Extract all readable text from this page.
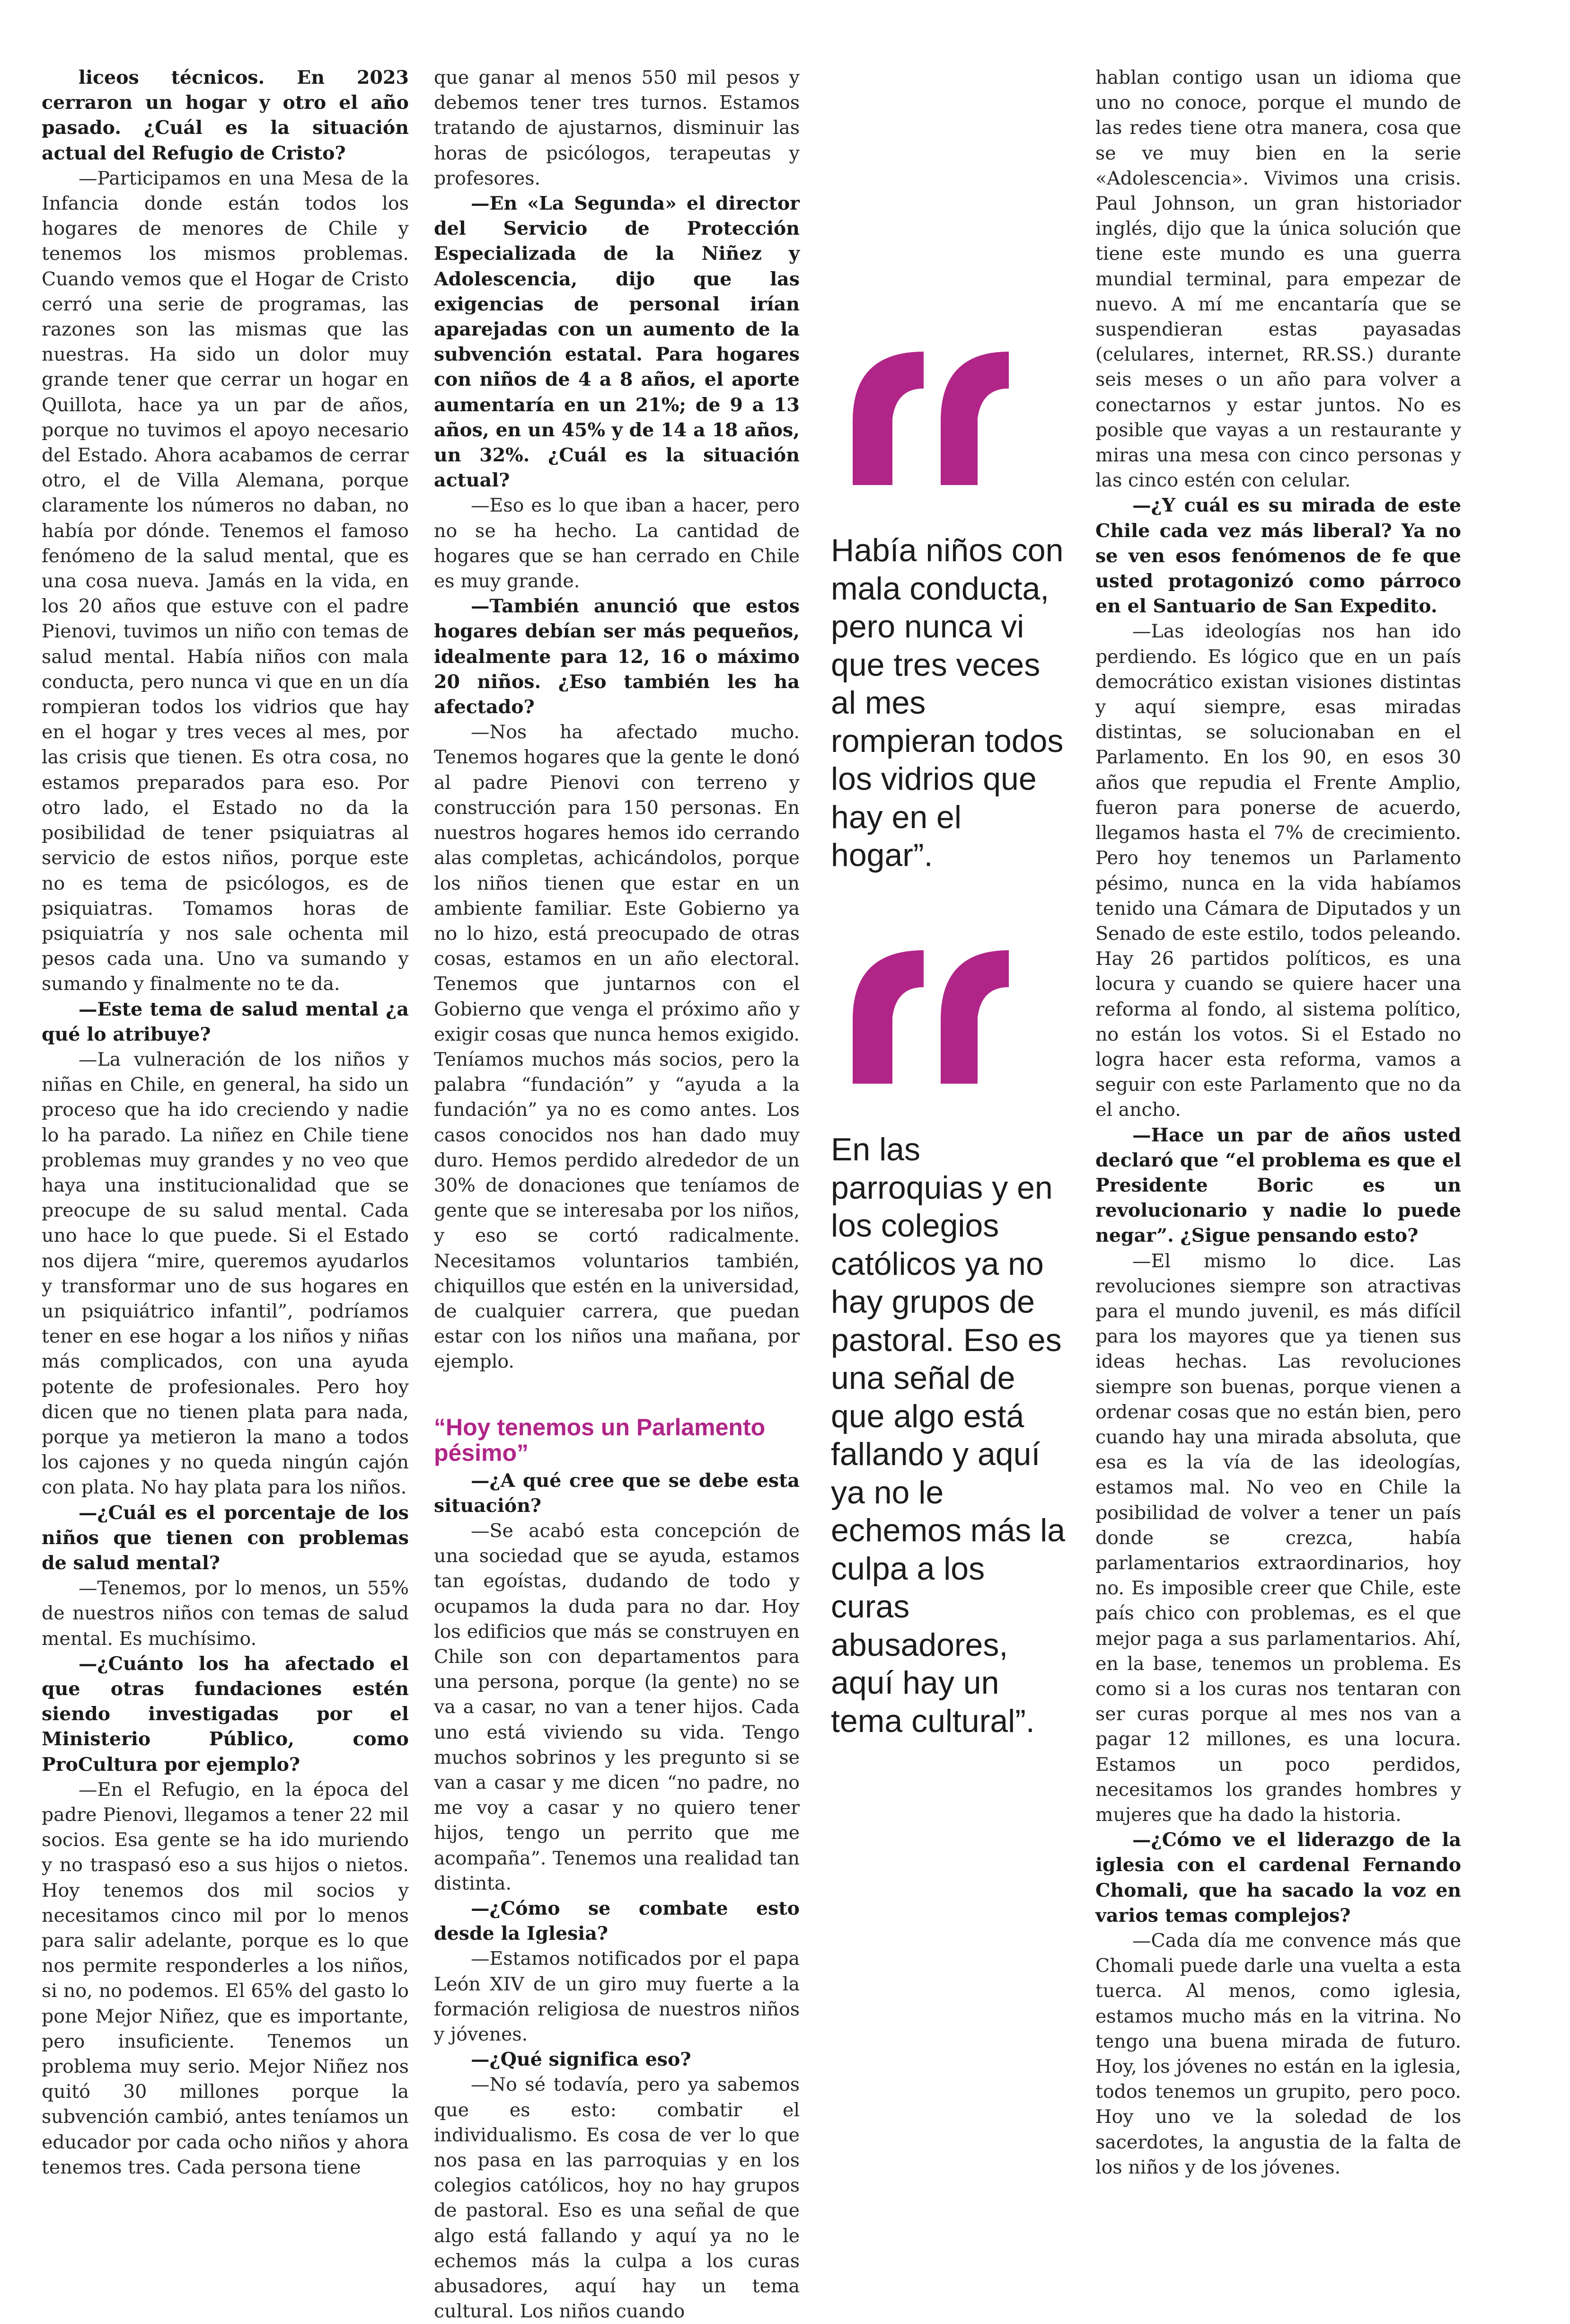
liceos técnicos. En 2023 cerraron un hogar y otro el año pasado. ¿Cuál es la situación actual del Refugio de Cristo?

—Participamos en una Mesa de la Infancia donde están todos los hogares de menores de Chile y tenemos los mismos problemas. Cuando vemos que el Hogar de Cristo cerró una serie de programas, las razones son las mismas que las nuestras. Ha sido un dolor muy grande tener que cerrar un hogar en Quillota, hace ya un par de años, porque no tuvimos el apoyo necesario del Estado. Ahora acabamos de cerrar otro, el de Villa Alemana, porque claramente los números no daban, no había por dónde. Tenemos el famoso fenómeno de la salud mental, que es una cosa nueva. Jamás en la vida, en los 20 años que estuve con el padre Pienovi, tuvimos un niño con temas de salud mental. Había niños con mala conducta, pero nunca vi que en un día rompieran todos los vidrios que hay en el hogar y tres veces al mes, por las crisis que tienen. Es otra cosa, no estamos preparados para eso. Por otro lado, el Estado no da la posibilidad de tener psiquiatras al servicio de estos niños, porque este no es tema de psicólogos, es de psiquiatras. Tomamos horas de psiquiatría y nos sale ochenta mil pesos cada una. Uno va sumando y sumando y finalmente no te da.

—Este tema de salud mental ¿a qué lo atribuye?

—La vulneración de los niños y niñas en Chile, en general, ha sido un proceso que ha ido creciendo y nadie lo ha parado. La niñez en Chile tiene problemas muy grandes y no veo que haya una institucionalidad que se preocupe de su salud mental. Cada uno hace lo que puede. Si el Estado nos dijera “mire, queremos ayudarlos y transformar uno de sus hogares en un psiquiátrico infantil”, podríamos tener en ese hogar a los niños y niñas más complicados, con una ayuda potente de profesionales. Pero hoy dicen que no tienen plata para nada, porque ya metieron la mano a todos los cajones y no queda ningún cajón con plata. No hay plata para los niños.

—¿Cuál es el porcentaje de los niños que tienen con problemas de salud mental?

—Tenemos, por lo menos, un 55% de nuestros niños con temas de salud mental. Es muchísimo.

—¿Cuánto los ha afectado el que otras fundaciones estén siendo investigadas por el Ministerio Público, como ProCultura por ejemplo?

—En el Refugio, en la época del padre Pienovi, llegamos a tener 22 mil socios. Esa gente se ha ido muriendo y no traspasó eso a sus hijos o nietos. Hoy tenemos dos mil socios y necesitamos cinco mil por lo menos para salir adelante, porque es lo que nos permite responderles a los niños, si no, no podemos. El 65% del gasto lo pone Mejor Niñez, que es importante, pero insuficiente. Tenemos un problema muy serio. Mejor Niñez nos quitó 30 millones porque la subvención cambió, antes teníamos un educador por cada ocho niños y ahora tenemos tres. Cada persona tiene

que ganar al menos 550 mil pesos y debemos tener tres turnos. Estamos tratando de ajustarnos, disminuir las horas de psicólogos, terapeutas y profesores.

—En «La Segunda» el director del Servicio de Protección Especializada de la Niñez y Adolescencia, dijo que las exigencias de personal irían aparejadas con un aumento de la subvención estatal. Para hogares con niños de 4 a 8 años, el aporte aumentaría en un 21%; de 9 a 13 años, en un 45% y de 14 a 18 años, un 32%. ¿Cuál es la situación actual?

—Eso es lo que iban a hacer, pero no se ha hecho. La cantidad de hogares que se han cerrado en Chile es muy grande.

—También anunció que estos hogares debían ser más pequeños, idealmente para 12, 16 o máximo 20 niños. ¿Eso también les ha afectado?

—Nos ha afectado mucho. Tenemos hogares que la gente le donó al padre Pienovi con terreno y construcción para 150 personas. En nuestros hogares hemos ido cerrando alas completas, achicándolos, porque los niños tienen que estar en un ambiente familiar. Este Gobierno ya no lo hizo, está preocupado de otras cosas, estamos en un año electoral. Tenemos que juntarnos con el Gobierno que venga el próximo año y exigir cosas que nunca hemos exigido. Teníamos muchos más socios, pero la palabra “fundación” y “ayuda a la fundación” ya no es como antes. Los casos conocidos nos han dado muy duro. Hemos perdido alrededor de un 30% de donaciones que teníamos de gente que se interesaba por los niños, y eso se cortó radicalmente. Necesitamos voluntarios también, chiquillos que estén en la universidad, de cualquier carrera, que puedan estar con los niños una mañana, por ejemplo.

“Hoy tenemos un Parlamento pésimo”

—¿A qué cree que se debe esta situación?

—Se acabó esta concepción de una sociedad que se ayuda, estamos tan egoístas, dudando de todo y ocupamos la duda para no dar. Hoy los edificios que más se construyen en Chile son con departamentos para una persona, porque (la gente) no se va a casar, no van a tener hijos. Cada uno está viviendo su vida. Tengo muchos sobrinos y les pregunto si se van a casar y me dicen “no padre, no me voy a casar y no quiero tener hijos, tengo un perrito que me acompaña”. Tenemos una realidad tan distinta.

—¿Cómo se combate esto desde la Iglesia?

—Estamos notificados por el papa León XIV de un giro muy fuerte a la formación religiosa de nuestros niños y jóvenes.

—¿Qué significa eso?

—No sé todavía, pero ya sabemos que es esto: combatir el individualismo. Es cosa de ver lo que nos pasa en las parroquias y en los colegios católicos, hoy no hay grupos de pastoral. Eso es una señal de que algo está fallando y aquí ya no le echemos más la culpa a los curas abusadores, aquí hay un tema cultural. Los niños cuando

Había niños con mala conducta, pero nunca vi que tres veces al mes rompieran todos los vidrios que hay en el hogar”.

En las parroquias y en los colegios católicos ya no hay grupos de pastoral. Eso es una señal de que algo está fallando y aquí ya no le echemos más la culpa a los curas abusadores, aquí hay un tema cultural”.

hablan contigo usan un idioma que uno no conoce, porque el mundo de las redes tiene otra manera, cosa que se ve muy bien en la serie «Adolescencia». Vivimos una crisis. Paul Johnson, un gran historiador inglés, dijo que la única solución que tiene este mundo es una guerra mundial terminal, para empezar de nuevo. A mí me encantaría que se suspendieran estas payasadas (celulares, internet, RR.SS.) durante seis meses o un año para volver a conectarnos y estar juntos. No es posible que vayas a un restaurante y miras una mesa con cinco personas y las cinco estén con celular.

—¿Y cuál es su mirada de este Chile cada vez más liberal? Ya no se ven esos fenómenos de fe que usted protagonizó como párroco en el Santuario de San Expedito.

—Las ideologías nos han ido perdiendo. Es lógico que en un país democrático existan visiones distintas y aquí siempre, esas miradas distintas, se solucionaban en el Parlamento. En los 90, en esos 30 años que repudia el Frente Amplio, fueron para ponerse de acuerdo, llegamos hasta el 7% de crecimiento. Pero hoy tenemos un Parlamento pésimo, nunca en la vida habíamos tenido una Cámara de Diputados y un Senado de este estilo, todos peleando. Hay 26 partidos políticos, es una locura y cuando se quiere hacer una reforma al fondo, al sistema político, no están los votos. Si el Estado no logra hacer esta reforma, vamos a seguir con este Parlamento que no da el ancho.

—Hace un par de años usted declaró que “el problema es que el Presidente Boric es un revolucionario y nadie lo puede negar”. ¿Sigue pensando esto?

—El mismo lo dice. Las revoluciones siempre son atractivas para el mundo juvenil, es más difícil para los mayores que ya tienen sus ideas hechas. Las revoluciones siempre son buenas, porque vienen a ordenar cosas que no están bien, pero cuando hay una mirada absoluta, que esa es la vía de las ideologías, estamos mal. No veo en Chile la posibilidad de volver a tener un país donde se crezca, había parlamentarios extraordinarios, hoy no. Es imposible creer que Chile, este país chico con problemas, es el que mejor paga a sus parlamentarios. Ahí, en la base, tenemos un problema. Es como si a los curas nos tentaran con ser curas porque al mes nos van a pagar 12 millones, es una locura. Estamos un poco perdidos, necesitamos los grandes hombres y mujeres que ha dado la historia.

—¿Cómo ve el liderazgo de la iglesia con el cardenal Fernando Chomali, que ha sacado la voz en varios temas complejos?

—Cada día me convence más que Chomali puede darle una vuelta a esta tuerca. Al menos, como iglesia, estamos mucho más en la vitrina. No tengo una buena mirada de futuro. Hoy, los jóvenes no están en la iglesia, todos tenemos un grupito, pero poco. Hoy uno ve la soledad de los sacerdotes, la angustia de la falta de los niños y de los jóvenes.
